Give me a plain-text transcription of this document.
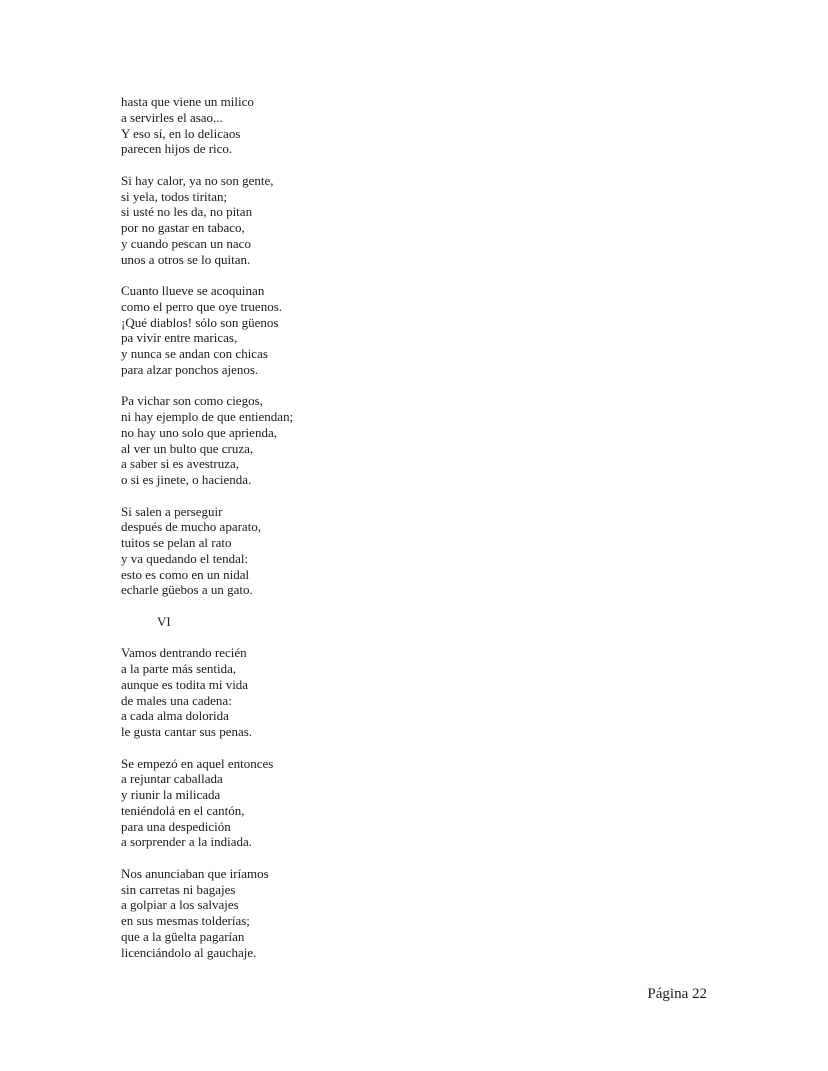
hasta que viene un milico
a servirles el asao...
Y eso sí, en lo delicaos
parecen hijos de rico.
Si hay calor, ya no son gente,
si yela, todos tiritan;
si usté no les da, no pitan
por no gastar en tabaco,
y cuando pescan un naco
unos a otros se lo quitan.
Cuanto llueve se acoquinan
como el perro que oye truenos.
¡Qué diablos! sólo son güenos
pa vivir entre maricas,
y nunca se andan con chicas
para alzar ponchos ajenos.
Pa vichar son como ciegos,
ni hay ejemplo de que entiendan;
no hay uno solo que aprienda,
al ver un bulto que cruza,
a saber si es avestruza,
o si es jinete, o hacienda.
Si salen a perseguir
después de mucho aparato,
tuitos se pelan al rato
y va quedando el tendal:
esto es como en un nidal
echarle güebos a un gato.
VI
Vamos dentrando recién
a la parte más sentida,
aunque es todita mi vida
de males una cadena:
a cada alma dolorida
le gusta cantar sus penas.
Se empezó en aquel entonces
a rejuntar caballada
y riunir la milicada
teniéndolá en el cantón,
para una despedición
a sorprender a la indiada.
Nos anunciaban que iríamos
sin carretas ni bagajes
a golpiar a los salvajes
en sus mesmas tolderías;
que a la güelta pagarían
licenciándolo al gauchaje.
Página 22
